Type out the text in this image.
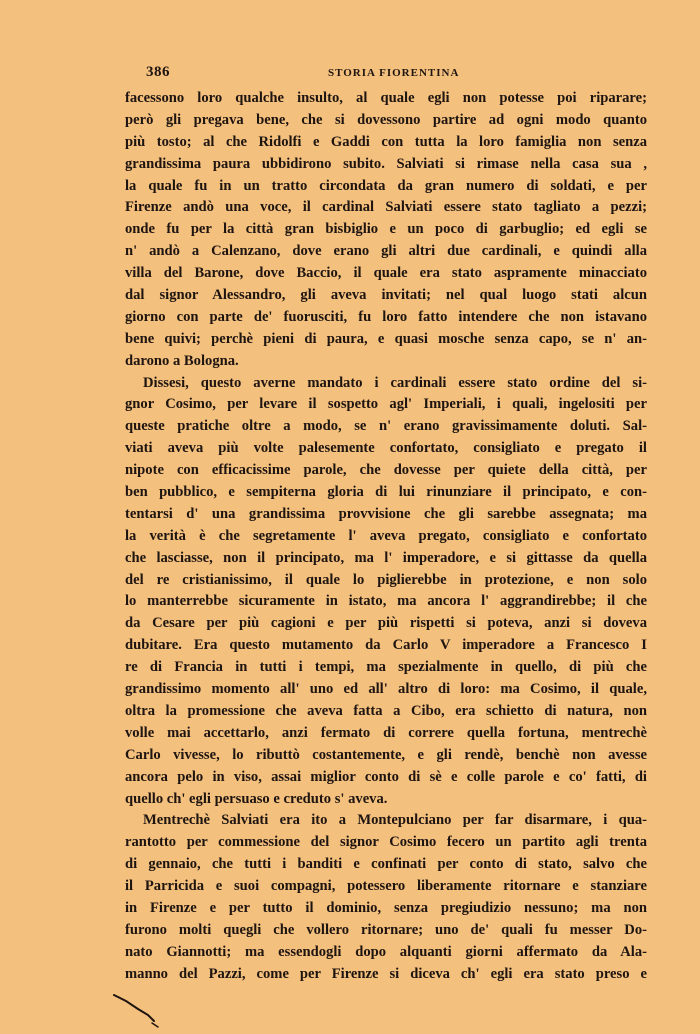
386	STORIA FIORENTINA
facessono loro qualche insulto, al quale egli non potesse poi riparare;
però gli pregava bene, che si dovessono partire ad ogni modo quanto
più tosto; al che Ridolfi e Gaddi con tutta la loro famiglia non senza
grandissima paura ubbidirono subito. Salviati si rimase nella casa sua ,
la quale fu in un tratto circondata da gran numero di soldati, e per
Firenze andò una voce, il cardinal Salviati essere stato tagliato a pezzi;
onde fu per la città gran bisbiglio e un poco di garbuglio; ed egli se
n' andò a Calenzano, dove erano gli altri due cardinali, e quindi alla
villa del Barone, dove Baccio, il quale era stato aspramente minacciato
dal signor Alessandro, gli aveva invitati; nel qual luogo stati alcun
giorno con parte de' fuorusciti, fu loro fatto intendere che non istavano
bene quivi; perchè pieni di paura, e quasi mosche senza capo, se n' an-
darono a Bologna.
Dissesi, questo averne mandato i cardinali essere stato ordine del si-
gnor Cosimo, per levare il sospetto agl' Imperiali, i quali, ingelositi per
queste pratiche oltre a modo, se n' erano gravissimamente doluti. Sal-
viati aveva più volte palesemente confortato, consigliato e pregato il
nipote con efficacissime parole, che dovesse per quiete della città, per
ben pubblico, e sempiterna gloria di lui rinunziare il principato, e con-
tentarsi d' una grandissima provvisione che gli sarebbe assegnata; ma
la verità è che segretamente l' aveva pregato, consigliato e confortato
che lasciasse, non il principato, ma l' imperadore, e si gittasse da quella
del re cristianissimo, il quale lo piglierebbe in protezione, e non solo
lo manterrebbe sicuramente in istato, ma ancora l' aggrandirebbe; il che
da Cesare per più cagioni e per più rispetti si poteva, anzi si doveva
dubitare. Era questo mutamento da Carlo V imperadore a Francesco I
re di Francia in tutti i tempi, ma spezialmente in quello, di più che
grandissimo momento all' uno ed all' altro di loro: ma Cosimo, il quale,
oltra la promessione che aveva fatta a Cibo, era schietto di natura, non
volle mai accettarlo, anzi fermato di correre quella fortuna, mentrechè
Carlo vivesse, lo ributtò costantemente, e gli rendè, benchè non avesse
ancora pelo in viso, assai miglior conto di sè e colle parole e co' fatti, di
quello ch' egli persuaso e creduto s' aveva.
Mentrechè Salviati era ito a Montepulciano per far disarmare, i qua-
rantotto per commessione del signor Cosimo fecero un partito agli trenta
di gennaio, che tutti i banditi e confinati per conto di stato, salvo che
il Parricida e suoi compagni, potessero liberamente ritornare e stanziare
in Firenze e per tutto il dominio, senza pregiudizio nessuno; ma non
furono molti quegli che vollero ritornare; uno de' quali fu messer Do-
nato Giannotti; ma essendogli dopo alquanti giorni affermato da Ala-
manno del Pazzi, come per Firenze si diceva ch' egli era stato preso e
